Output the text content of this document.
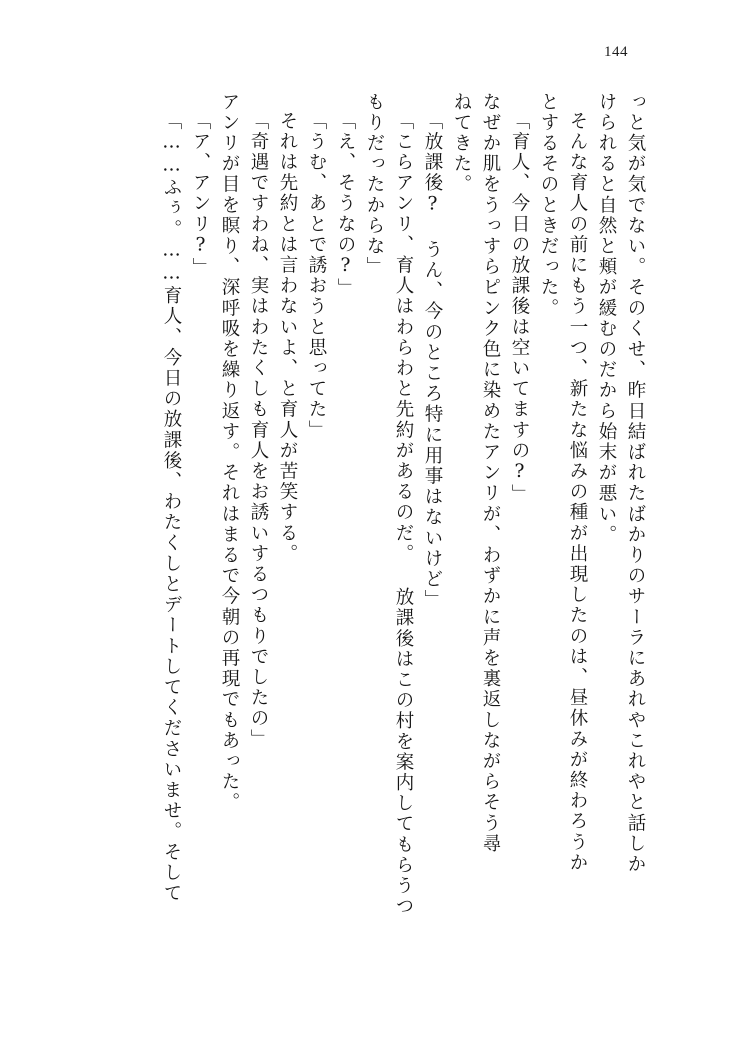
144
っと気が気でない。そのくせ、昨日結ばれたばかりのサーラにあれやこれやと話しか
けられると自然と頬が緩むのだから始末が悪い。
そんな育人の前にもう一つ、新たな悩みの種が出現したのは、昼休みが終わろうか
とするそのときだった。
「育人、今日の放課後は空いてますの?」
なぜか肌をうっすらピンク色に染めたアンリが、わずかに声を裏返しながらそう尋
ねてきた。
「放課後? うん、今のところ特に用事はないけど」
「こらアンリ、育人はわらわと先約があるのだ。 放課後はこの村を案内してもらうつ
もりだったからな」
「え、そうなの?」
「うむ、あとで誘おうと思ってた」
それは先約とは言わないよ、と育人が苦笑する。
「奇遇ですわね、実はわたくしも育人をお誘いするつもりでしたの」
アンリが目を瞑り、深呼吸を繰り返す。それはまるで今朝の再現でもあった。
「ア、アンリ?」
「……ふぅ。……育人、今日の放課後、わたくしとデートしてくださいませ。そして
